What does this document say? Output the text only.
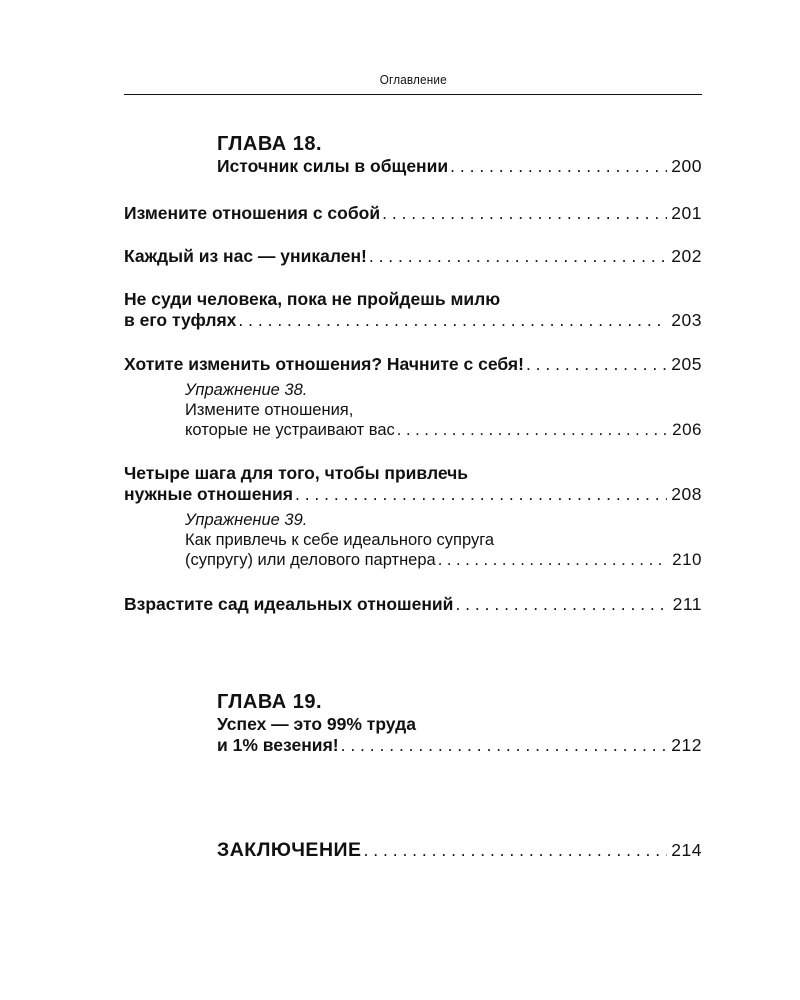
Оглавление
ГЛАВА 18.
Источник силы в общении . . .	200
Измените отношения с собой . . .	201
Каждый из нас — уникален! . . .	202
Не суди человека, пока не пройдешь милю
в его туфлях . . .	203
Хотите изменить отношения? Начните с себя! . . .	205
Упражнение 38.
Измените отношения,
которые не устраивают вас . . .	206
Четыре шага для того, чтобы привлечь
нужные отношения . . .	208
Упражнение 39.
Как привлечь к себе идеального супруга
(супругу) или делового партнера . . .	210
Взрастите сад идеальных отношений . . .	211
ГЛАВА 19.
Успех — это 99% труда
и 1% везения! . . .	212
ЗАКЛЮЧЕНИЕ . . .	214
